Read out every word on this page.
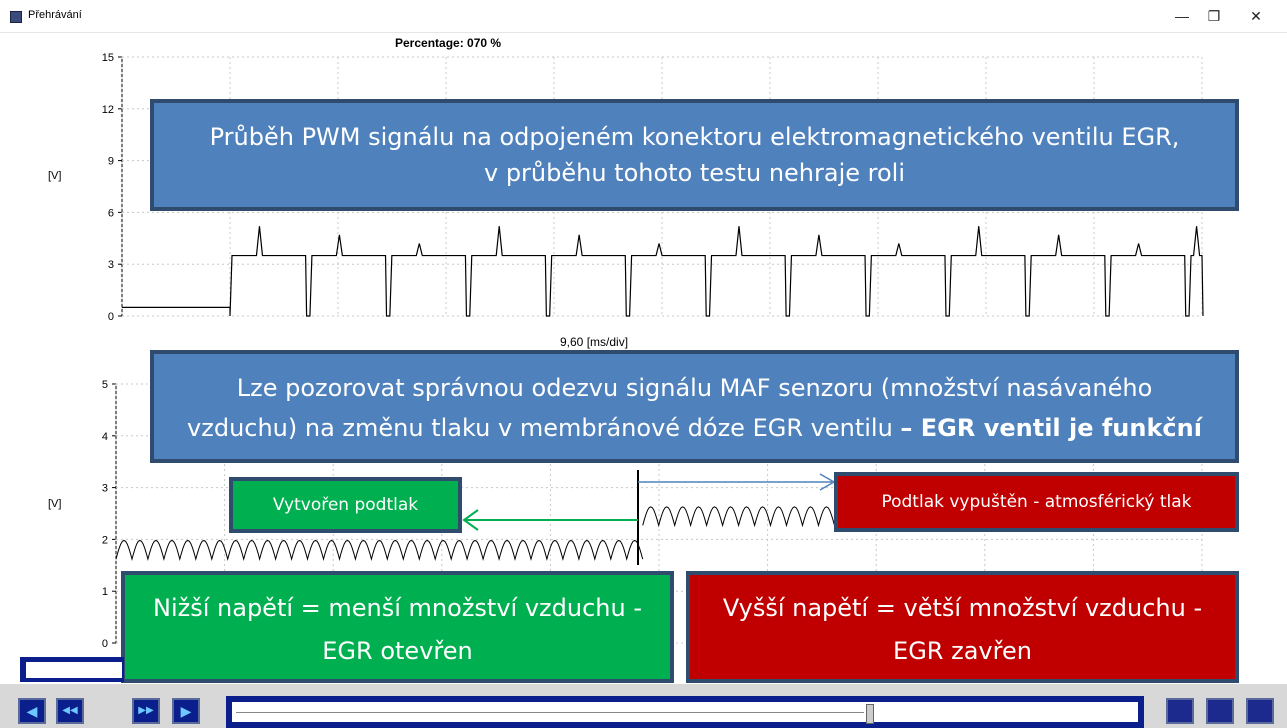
Přehrávání	—	❐	✕
Percentage: 070 %
15
12
9
6
3
0
[V]
9,60 [ms/div]
5
4
3
2
1
0
[V]
Průběh PWM signálu na odpojeném konektoru elektromagnetického ventilu EGR,
v průběhu tohoto testu nehraje roli
Lze pozorovat správnou odezvu signálu MAF senzoru (množství nasávaného
vzduchu) na změnu tlaku v membránové dóze EGR ventilu – EGR ventil je funkční
Vytvořen podtlak	Podtlak vypuštěn - atmosférický tlak
Nižší napětí = menší množství vzduchu -
EGR otevřen
Vyšší napětí = větší množství vzduchu -
EGR zavřen
◀	◀◀	▶▶	▶
